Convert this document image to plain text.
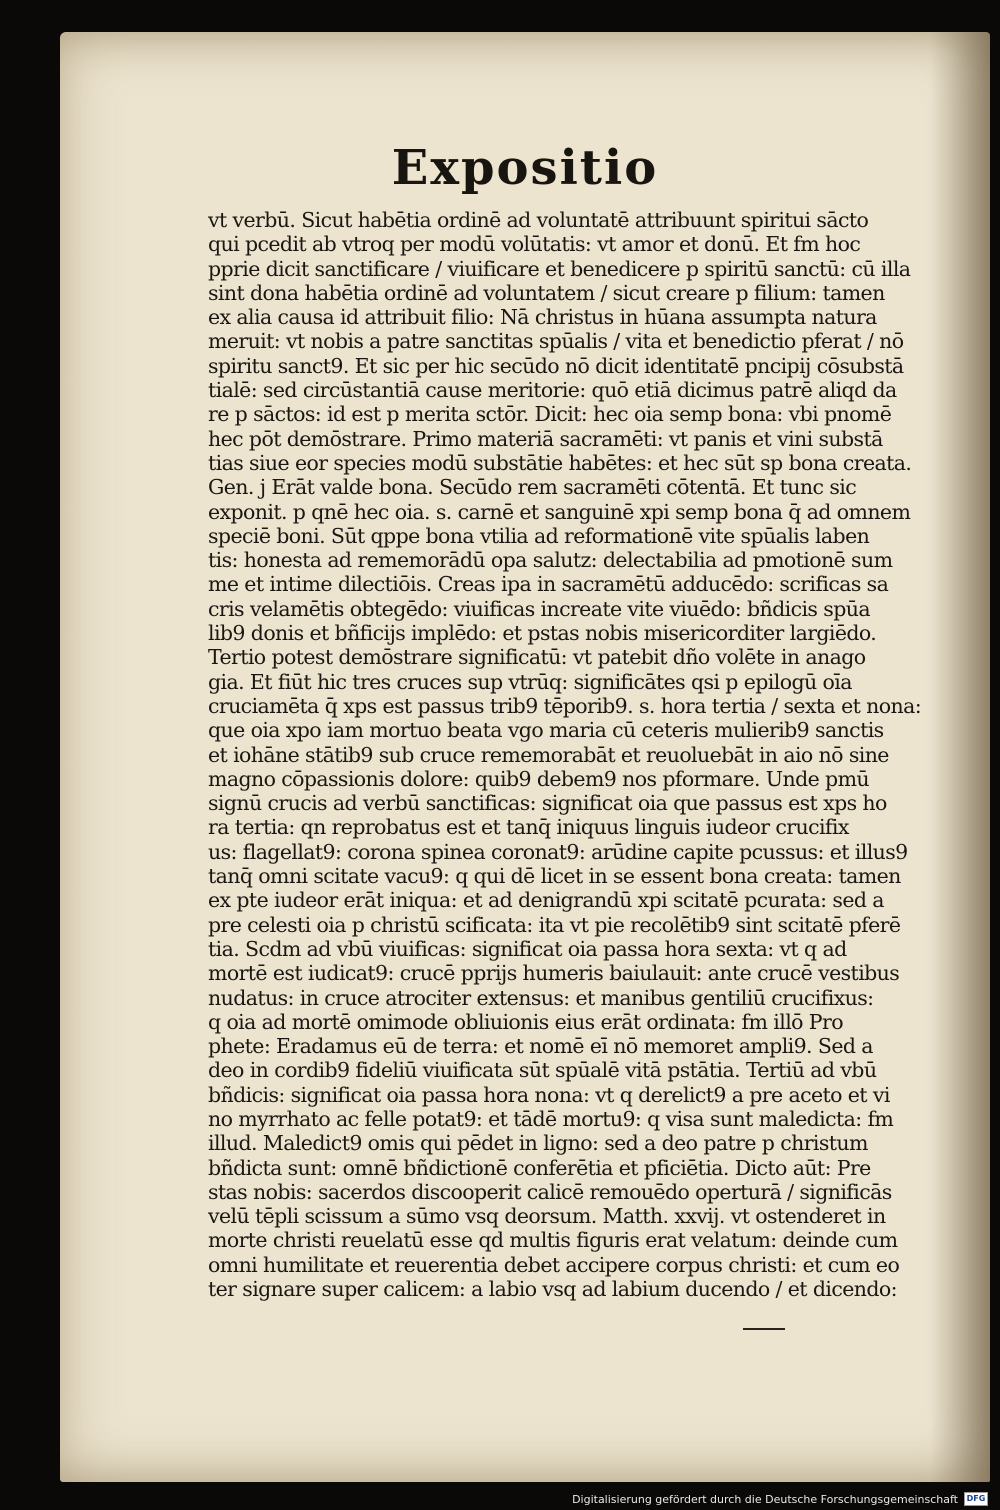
Expositio
vt verbū. Sicut habētia ordinē ad voluntatē attribuunt spiritui sācto
qui pcedit ab vtroq per modū volūtatis: vt amor et donū. Et fm hoc
pprie dicit sanctificare / viuificare et benedicere p spiritū sanctū: cū illa
sint dona habētia ordinē ad voluntatem / sicut creare p filium: tamen
ex alia causa id attribuit filio: Nā christus in hūana assumpta natura
meruit: vt nobis a patre sanctitas spūalis / vita et benedictio pferat / nō
spiritu sanct9. Et sic per hic secūdo nō dicit identitatē pncipij cōsubstā
tialē: sed circūstantiā cause meritorie: quō etiā dicimus patrē aliqd da
re p sāctos: id est p merita sctōr. Dicit: hec oia semp bona: vbi pnomē
hec pōt demōstrare. Primo materiā sacramēti: vt panis et vini substā
tias siue eor species modū substātie habētes: et hec sūt sp bona creata.
Gen. j Erāt valde bona. Secūdo rem sacramēti cōtentā. Et tunc sic
exponit. p qnē hec oia. s. carnē et sanguinē xpi semp bona q̄ ad omnem
speciē boni. Sūt qppe bona vtilia ad reformationē vite spūalis laben
tis: honesta ad rememorādū opa salutz: delectabilia ad pmotionē sum
me et intime dilectiōis. Creas ipa in sacramētū adducēdo: scrificas sa
cris velamētis obtegēdo: viuificas increate vite viuēdo: bñdicis spūa
lib9 donis et bñficijs implēdo: et pstas nobis misericorditer largiēdo.
Tertio potest demōstrare significatū: vt patebit dño volēte in anago
gia. Et fiūt hic tres cruces sup vtrūq: significātes qsi p epilogū oīa
cruciamēta q̄ xps est passus trib9 tēporib9. s. hora tertia / sexta et nona:
que oia xpo iam mortuo beata vgo maria cū ceteris mulierib9 sanctis
et iohāne stātib9 sub cruce rememorabāt et reuoluebāt in aio nō sine
magno cōpassionis dolore: quib9 debem9 nos pformare. Unde pmū
signū crucis ad verbū sanctificas: significat oia que passus est xps ho
ra tertia: qn reprobatus est et tanq̄ iniquus linguis iudeor crucifix
us: flagellat9: corona spinea coronat9: arūdine capite pcussus: et illus9
tanq̄ omni scitate vacu9: q qui dē licet in se essent bona creata: tamen
ex pte iudeor erāt iniqua: et ad denigrandū xpi scitatē pcurata: sed a
pre celesti oia p christū scificata: ita vt pie recolētib9 sint scitatē pferē
tia. Scdm ad vbū viuificas: significat oia passa hora sexta: vt q ad
mortē est iudicat9: crucē pprijs humeris baiulauit: ante crucē vestibus
nudatus: in cruce atrociter extensus: et manibus gentiliū crucifixus:
q oia ad mortē omimode obliuionis eius erāt ordinata: fm illō Pro
phete: Eradamus eū de terra: et nomē eī nō memoret ampli9. Sed a
deo in cordib9 fideliū viuificata sūt spūalē vitā pstātia. Tertiū ad vbū
bñdicis: significat oia passa hora nona: vt q derelict9 a pre aceto et vi
no myrrhato ac felle potat9: et tādē mortu9: q visa sunt maledicta: fm
illud. Maledict9 omis qui pēdet in ligno: sed a deo patre p christum
bñdicta sunt: omnē bñdictionē conferētia et pficiētia. Dicto aūt: Pre
stas nobis: sacerdos discooperit calicē remouēdo operturā / significās
velū tēpli scissum a sūmo vsq deorsum. Matth. xxvij. vt ostenderet in
morte christi reuelatū esse qd multis figuris erat velatum: deinde cum
omni humilitate et reuerentia debet accipere corpus christi: et cum eo
ter signare super calicem: a labio vsq ad labium ducendo / et dicendo:
Digitalisierung gefördert durch die Deutsche Forschungsgemeinschaft	DFG
